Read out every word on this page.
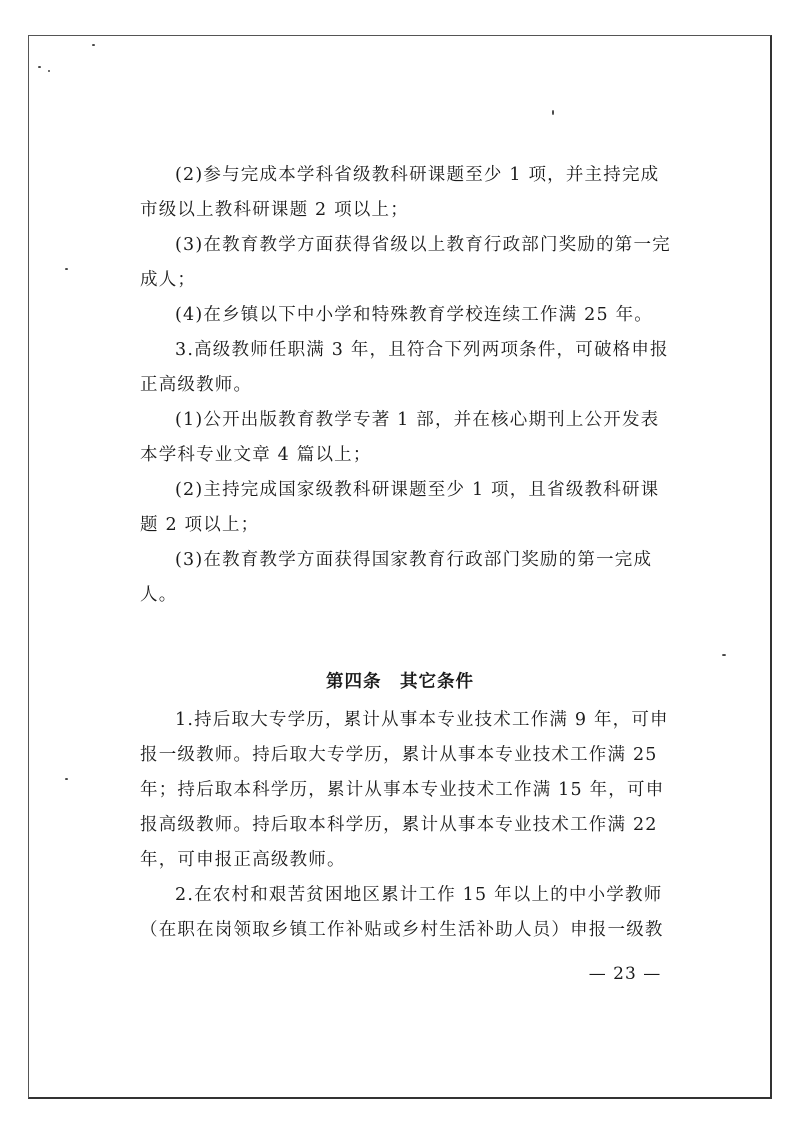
(2)参与完成本学科省级教科研课题至少 1 项，并主持完成市级以上教科研课题 2 项以上；

(3)在教育教学方面获得省级以上教育行政部门奖励的第一完成人；

(4)在乡镇以下中小学和特殊教育学校连续工作满 25 年。

3.高级教师任职满 3 年，且符合下列两项条件，可破格申报正高级教师。

(1)公开出版教育教学专著 1 部，并在核心期刊上公开发表本学科专业文章 4 篇以上；

(2)主持完成国家级教科研课题至少 1 项，且省级教科研课题 2 项以上；

(3)在教育教学方面获得国家教育行政部门奖励的第一完成人。

第四条　其它条件

1.持后取大专学历，累计从事本专业技术工作满 9 年，可申报一级教师。持后取大专学历，累计从事本专业技术工作满 25 年；持后取本科学历，累计从事本专业技术工作满 15 年，可申报高级教师。持后取本科学历，累计从事本专业技术工作满 22 年，可申报正高级教师。

2.在农村和艰苦贫困地区累计工作 15 年以上的中小学教师（在职在岗领取乡镇工作补贴或乡村生活补助人员）申报一级教

— 23 —
